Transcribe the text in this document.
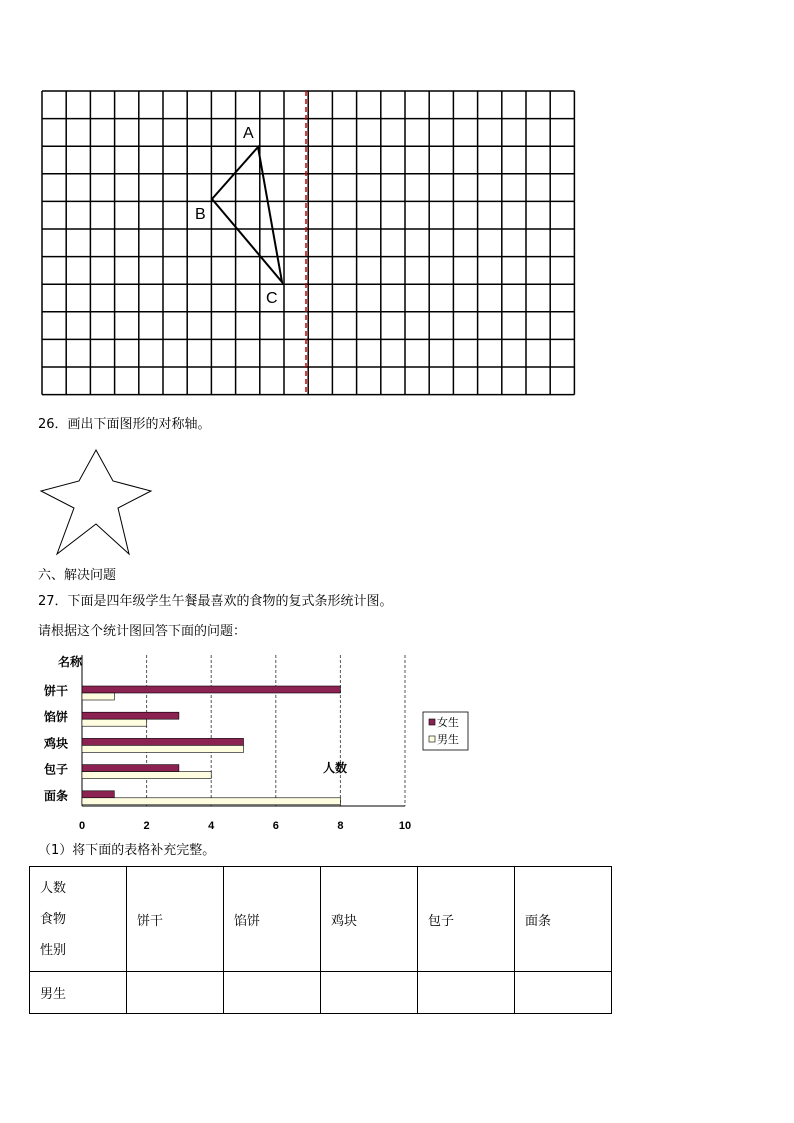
A
B
C
26．画出下面图形的对称轴。
六、解决问题
27．下面是四年级学生午餐最喜欢的食物的复式条形统计图。
请根据这个统计图回答下面的问题：
名称
饼干
馅饼
鸡块
包子
面条
0	2	4	6	8	10
人数
女生
男生
（1）将下面的表格补充完整。
人数
食物
性别	饼干	馅饼	鸡块	包子	面条
男生					
